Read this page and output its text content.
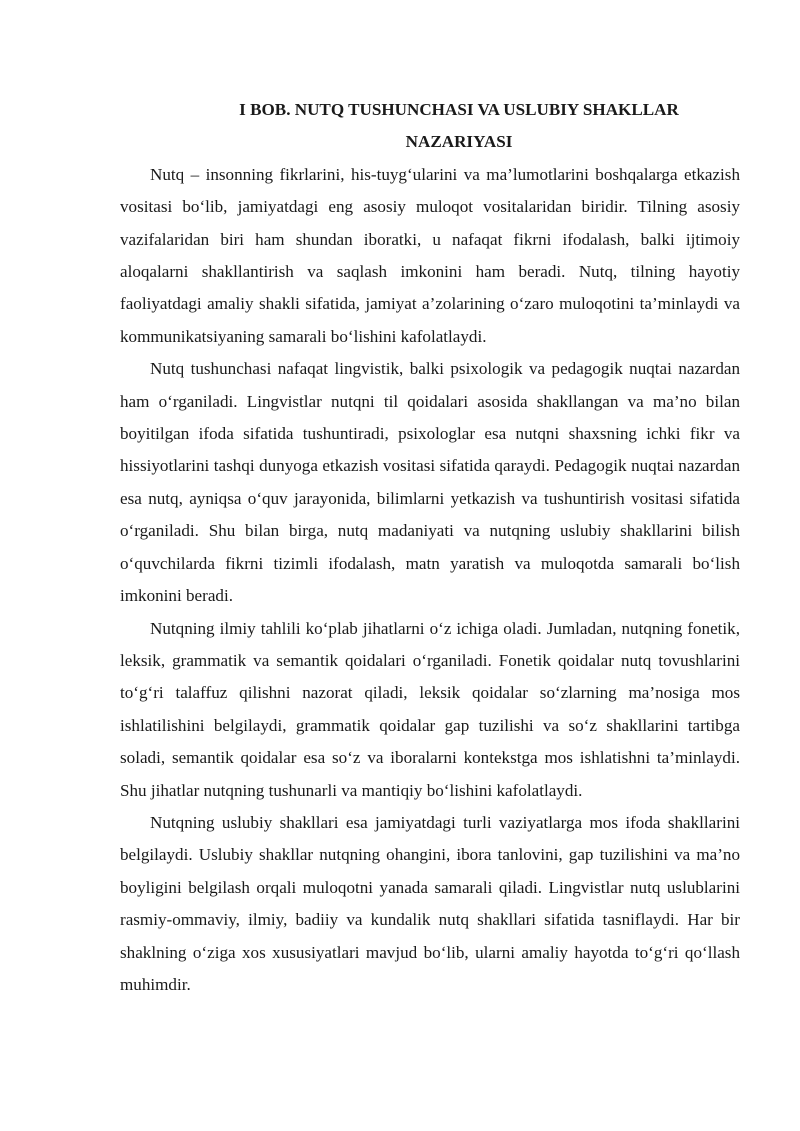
I BOB. NUTQ TUSHUNCHASI VA USLUBIY SHAKLLAR
NAZARIYASI

Nutq – insonning fikrlarini, his-tuyg‘ularini va ma’lumotlarini boshqalarga etkazish vositasi bo‘lib, jamiyatdagi eng asosiy muloqot vositalaridan biridir. Tilning asosiy vazifalaridan biri ham shundan iboratki, u nafaqat fikrni ifodalash, balki ijtimoiy aloqalarni shakllantirish va saqlash imkonini ham beradi. Nutq, tilning hayotiy faoliyatdagi amaliy shakli sifatida, jamiyat a’zolarining o‘zaro muloqotini ta’minlaydi va kommunikatsiyaning samarali bo‘lishini kafolatlaydi.

Nutq tushunchasi nafaqat lingvistik, balki psixologik va pedagogik nuqtai nazardan ham o‘rganiladi. Lingvistlar nutqni til qoidalari asosida shakllangan va ma’no bilan boyitilgan ifoda sifatida tushuntiradi, psixologlar esa nutqni shaxsning ichki fikr va hissiyotlarini tashqi dunyoga etkazish vositasi sifatida qaraydi. Pedagogik nuqtai nazardan esa nutq, ayniqsa o‘quv jarayonida, bilimlarni yetkazish va tushuntirish vositasi sifatida o‘rganiladi. Shu bilan birga, nutq madaniyati va nutqning uslubiy shakllarini bilish o‘quvchilarda fikrni tizimli ifodalash, matn yaratish va muloqotda samarali bo‘lish imkonini beradi.

Nutqning ilmiy tahlili ko‘plab jihatlarni o‘z ichiga oladi. Jumladan, nutqning fonetik, leksik, grammatik va semantik qoidalari o‘rganiladi. Fonetik qoidalar nutq tovushlarini to‘g‘ri talaffuz qilishni nazorat qiladi, leksik qoidalar so‘zlarning ma’nosiga mos ishlatilishini belgilaydi, grammatik qoidalar gap tuzilishi va so‘z shakllarini tartibga soladi, semantik qoidalar esa so‘z va iboralarni kontekstga mos ishlatishni ta’minlaydi. Shu jihatlar nutqning tushunarli va mantiqiy bo‘lishini kafolatlaydi.

Nutqning uslubiy shakllari esa jamiyatdagi turli vaziyatlarga mos ifoda shakllarini belgilaydi. Uslubiy shakllar nutqning ohangini, ibora tanlovini, gap tuzilishini va ma’no boyligini belgilash orqali muloqotni yanada samarali qiladi. Lingvistlar nutq uslublarini rasmiy-ommaviy, ilmiy, badiiy va kundalik nutq shakllari sifatida tasniflaydi. Har bir shaklning o‘ziga xos xususiyatlari mavjud bo‘lib, ularni amaliy hayotda to‘g‘ri qo‘llash muhimdir.
